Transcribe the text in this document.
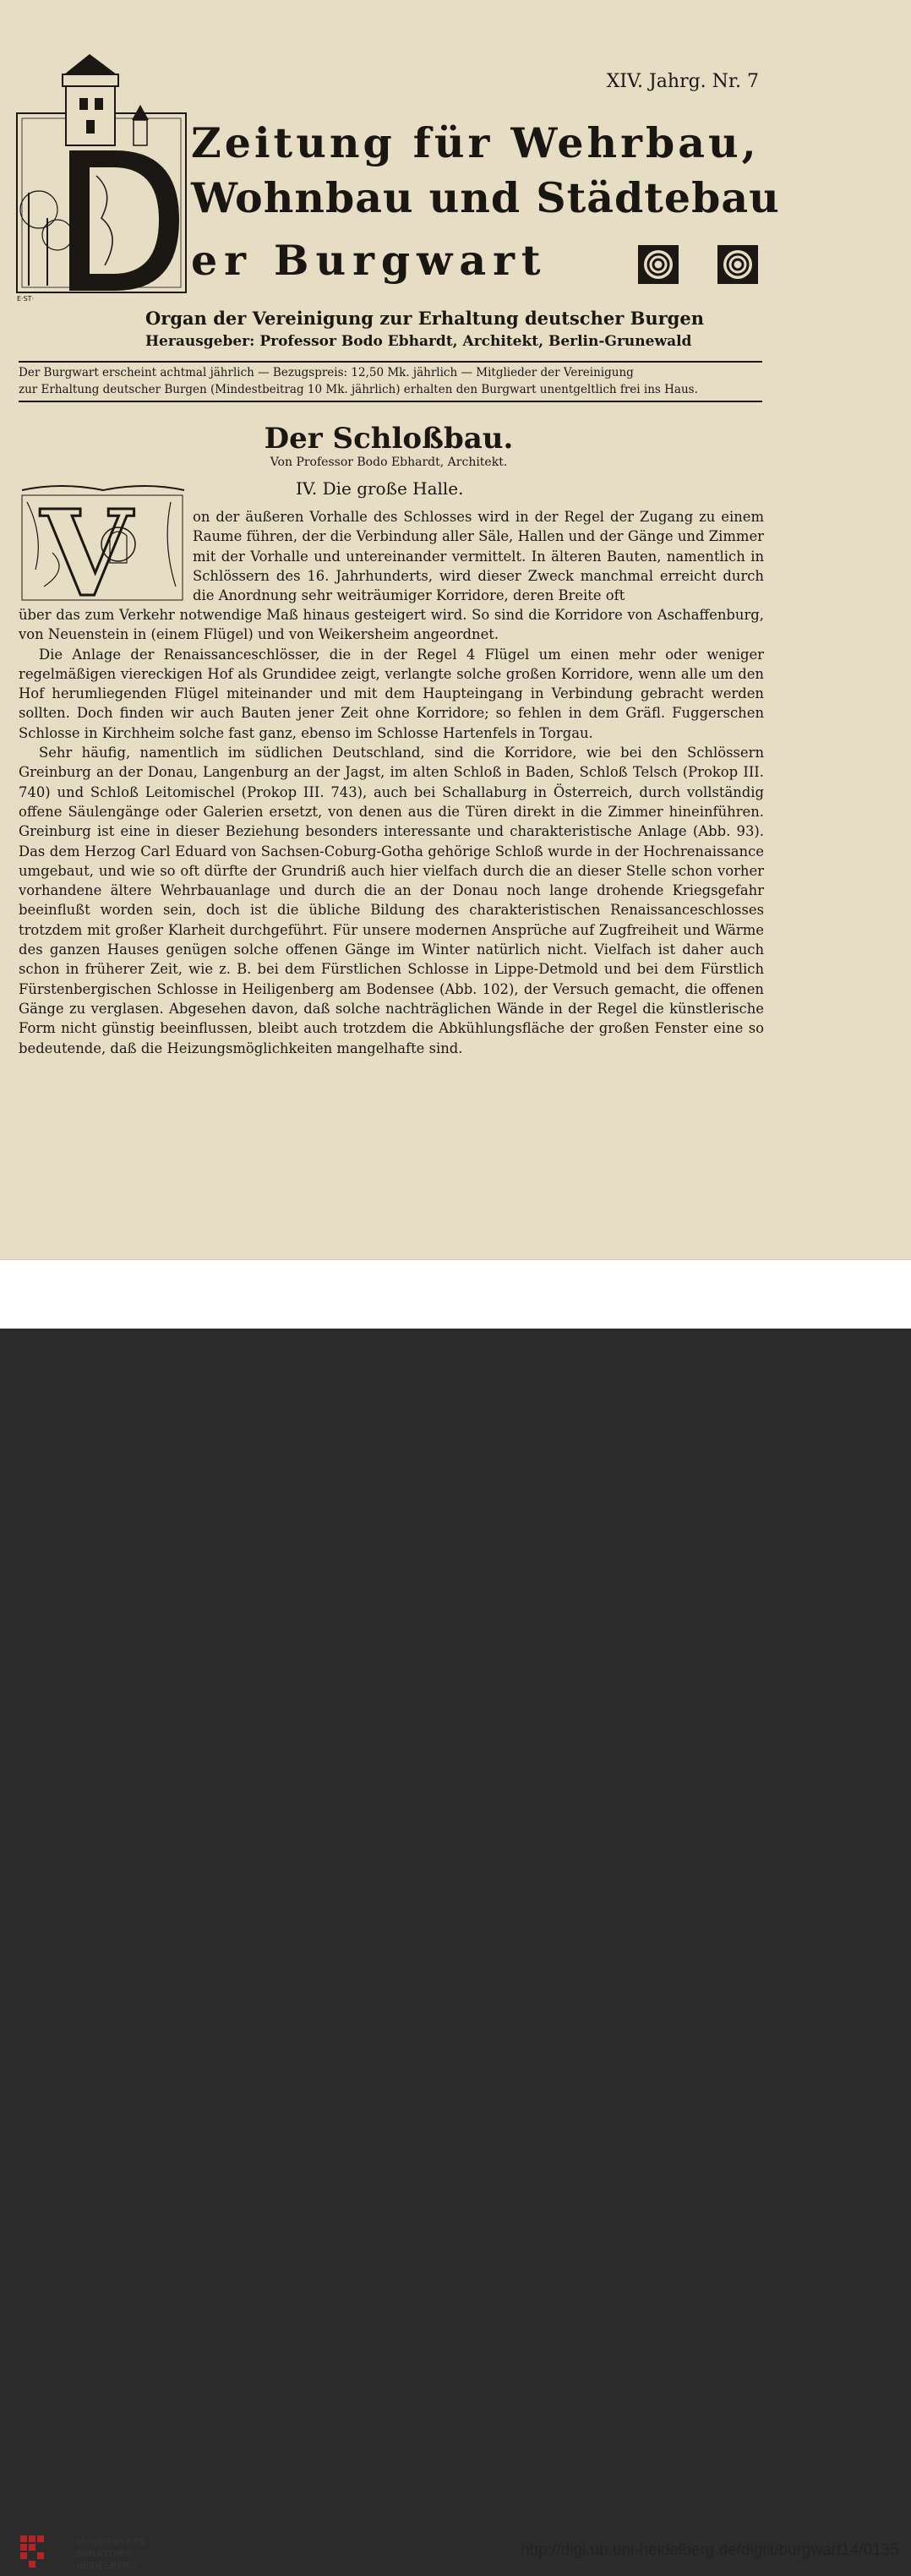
XIV. Jahrg. Nr. 7
E·ST·
Zeitung für Wehrbau,
Wohnbau und Städtebau
er Burgwart
Organ der Vereinigung zur Erhaltung deutscher Burgen
Herausgeber: Professor Bodo Ebhardt, Architekt, Berlin-Grunewald
Der Burgwart erscheint achtmal jährlich — Bezugspreis: 12,50 Mk. jährlich — Mitglieder der Vereinigung
zur Erhaltung deutscher Burgen (Mindestbeitrag 10 Mk. jährlich) erhalten den Burgwart unentgeltlich frei ins Haus.
Der Schloßbau.
Von Professor Bodo Ebhardt, Architekt.
IV. Die große Halle.
V	on der äußeren Vorhalle des Schlosses wird in der Regel der Zugang zu einem Raume führen, der die Verbindung aller Säle, Hallen und der Gänge und Zimmer mit der Vorhalle und untereinander vermittelt. In älteren Bauten, namentlich in Schlössern des 16. Jahrhunderts, wird dieser Zweck manchmal erreicht durch die Anordnung sehr weiträumiger Korridore, deren Breite oft

über das zum Verkehr notwendige Maß hinaus gesteigert wird. So sind die Korridore von Aschaffenburg, von Neuenstein in (einem Flügel) und von Weikersheim angeordnet.

Die Anlage der Renaissanceschlösser, die in der Regel 4 Flügel um einen mehr oder weniger regelmäßigen viereckigen Hof als Grundidee zeigt, verlangte solche großen Korridore, wenn alle um den Hof herumliegenden Flügel miteinander und mit dem Haupteingang in Verbindung gebracht werden sollten. Doch finden wir auch Bauten jener Zeit ohne Korridore; so fehlen in dem Gräfl. Fuggerschen Schlosse in Kirchheim solche fast ganz, ebenso im Schlosse Hartenfels in Torgau.

Sehr häufig, namentlich im südlichen Deutschland, sind die Korridore, wie bei den Schlössern Greinburg an der Donau, Langenburg an der Jagst, im alten Schloß in Baden, Schloß Telsch (Prokop III. 740) und Schloß Leitomischel (Prokop III. 743), auch bei Schallaburg in Österreich, durch vollständig offene Säulengänge oder Galerien ersetzt, von denen aus die Türen direkt in die Zimmer hineinführen. Greinburg ist eine in dieser Beziehung besonders interessante und charakteristische Anlage (Abb. 93). Das dem Herzog Carl Eduard von Sachsen-Coburg-Gotha gehörige Schloß wurde in der Hochrenaissance umgebaut, und wie so oft dürfte der Grundriß auch hier vielfach durch die an dieser Stelle schon vorher vorhandene ältere Wehrbauanlage und durch die an der Donau noch lange drohende Kriegsgefahr beeinflußt worden sein, doch ist die übliche Bildung des charakteristischen Renaissanceschlosses trotzdem mit großer Klarheit durchgeführt. Für unsere modernen Ansprüche auf Zugfreiheit und Wärme des ganzen Hauses genügen solche offenen Gänge im Winter natürlich nicht. Vielfach ist daher auch schon in früherer Zeit, wie z. B. bei dem Fürstlichen Schlosse in Lippe-Detmold und bei dem Fürstlich Fürstenbergischen Schlosse in Heiligenberg am Bodensee (Abb. 102), der Versuch gemacht, die offenen Gänge zu verglasen. Abgesehen davon, daß solche nachträglichen Wände in der Regel die künstlerische Form nicht günstig beeinflussen, bleibt auch trotzdem die Abkühlungsfläche der großen Fenster eine so bedeutende, daß die Heizungsmöglichkeiten mangelhafte sind.

UNIVERSITÄTS-
BIBLIOTHEK
HEIDELBERG
http://digi.ub.uni-heidelberg.de/diglit/burgwart14/0135
